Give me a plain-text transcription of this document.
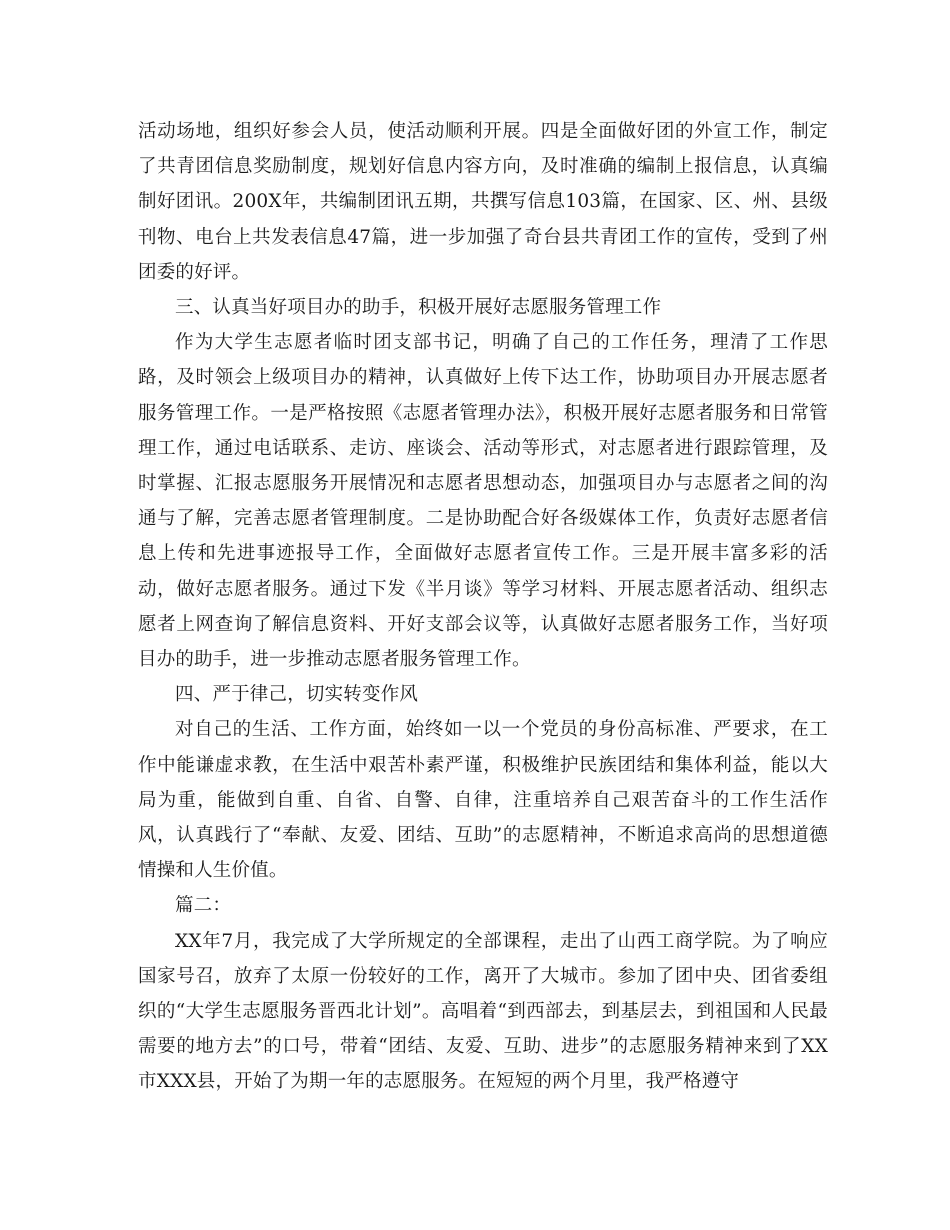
活动场地，组织好参会人员，使活动顺利开展。四是全面做好团的外宣工作，制定了共青团信息奖励制度，规划好信息内容方向，及时准确的编制上报信息，认真编制好团讯。200X年，共编制团讯五期，共撰写信息103篇，在国家、区、州、县级刊物、电台上共发表信息47篇，进一步加强了奇台县共青团工作的宣传，受到了州团委的好评。

三、认真当好项目办的助手，积极开展好志愿服务管理工作

作为大学生志愿者临时团支部书记，明确了自己的工作任务，理清了工作思路，及时领会上级项目办的精神，认真做好上传下达工作，协助项目办开展志愿者服务管理工作。一是严格按照《志愿者管理办法》，积极开展好志愿者服务和日常管理工作，通过电话联系、走访、座谈会、活动等形式，对志愿者进行跟踪管理，及时掌握、汇报志愿服务开展情况和志愿者思想动态，加强项目办与志愿者之间的沟通与了解，完善志愿者管理制度。二是协助配合好各级媒体工作，负责好志愿者信息上传和先进事迹报导工作，全面做好志愿者宣传工作。三是开展丰富多彩的活动，做好志愿者服务。通过下发《半月谈》等学习材料、开展志愿者活动、组织志愿者上网查询了解信息资料、开好支部会议等，认真做好志愿者服务工作，当好项目办的助手，进一步推动志愿者服务管理工作。

四、严于律己，切实转变作风

对自己的生活、工作方面，始终如一以一个党员的身份高标准、严要求，在工作中能谦虚求教，在生活中艰苦朴素严谨，积极维护民族团结和集体利益，能以大局为重，能做到自重、自省、自警、自律，注重培养自己艰苦奋斗的工作生活作风，认真践行了“奉献、友爱、团结、互助”的志愿精神，不断追求高尚的思想道德情操和人生价值。

篇二：

XX年7月，我完成了大学所规定的全部课程，走出了山西工商学院。为了响应国家号召，放弃了太原一份较好的工作，离开了大城市。参加了团中央、团省委组织的“大学生志愿服务晋西北计划”。高唱着“到西部去，到基层去，到祖国和人民最需要的地方去”的口号，带着“团结、友爱、互助、进步”的志愿服务精神来到了XX市XXX县，开始了为期一年的志愿服务。在短短的两个月里，我严格遵守
